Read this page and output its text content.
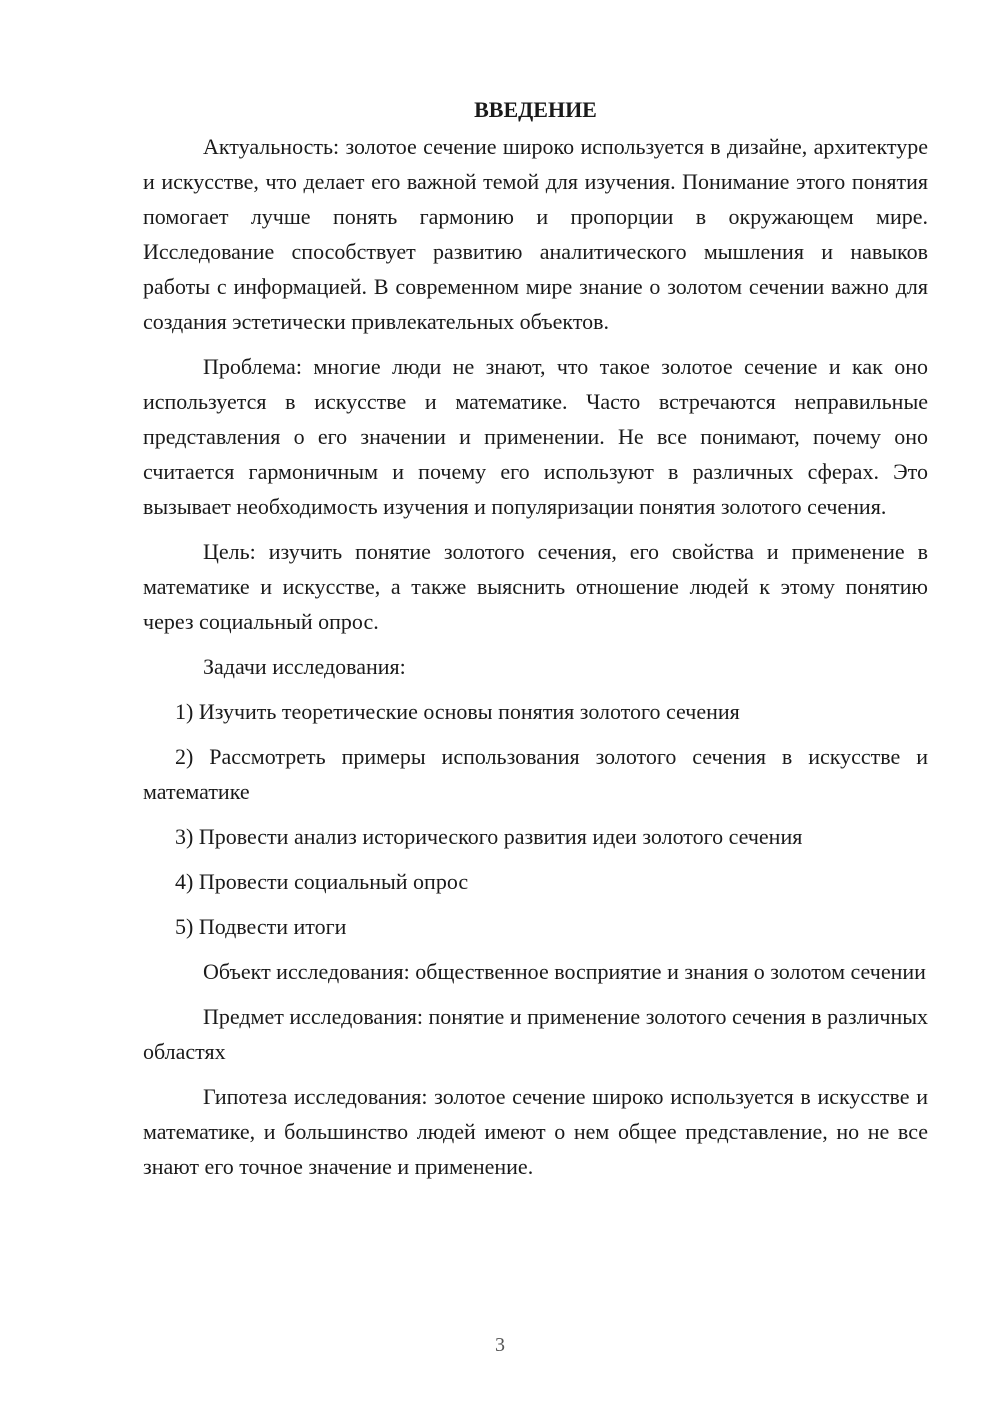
ВВЕДЕНИЕ

Актуальность: золотое сечение широко используется в дизайне, архитектуре и искусстве, что делает его важной темой для изучения. Понимание этого понятия помогает лучше понять гармонию и пропорции в окружающем мире. Исследование способствует развитию аналитического мышления и навыков работы с информацией. В современном мире знание о золотом сечении важно для создания эстетически привлекательных объектов.

Проблема: многие люди не знают, что такое золотое сечение и как оно используется в искусстве и математике. Часто встречаются неправильные представления о его значении и применении. Не все понимают, почему оно считается гармоничным и почему его используют в различных сферах. Это вызывает необходимость изучения и популяризации понятия золотого сечения.

Цель: изучить понятие золотого сечения, его свойства и применение в математике и искусстве, а также выяснить отношение людей к этому понятию через социальный опрос.

Задачи исследования:

1) Изучить теоретические основы понятия золотого сечения

2) Рассмотреть примеры использования золотого сечения в искусстве и математике

3) Провести анализ исторического развития идеи золотого сечения

4) Провести социальный опрос

5) Подвести итоги

Объект исследования: общественное восприятие и знания о золотом сечении

Предмет исследования: понятие и применение золотого сечения в различных областях

Гипотеза исследования: золотое сечение широко используется в искусстве и математике, и большинство людей имеют о нем общее представление, но не все знают его точное значение и применение.

3
